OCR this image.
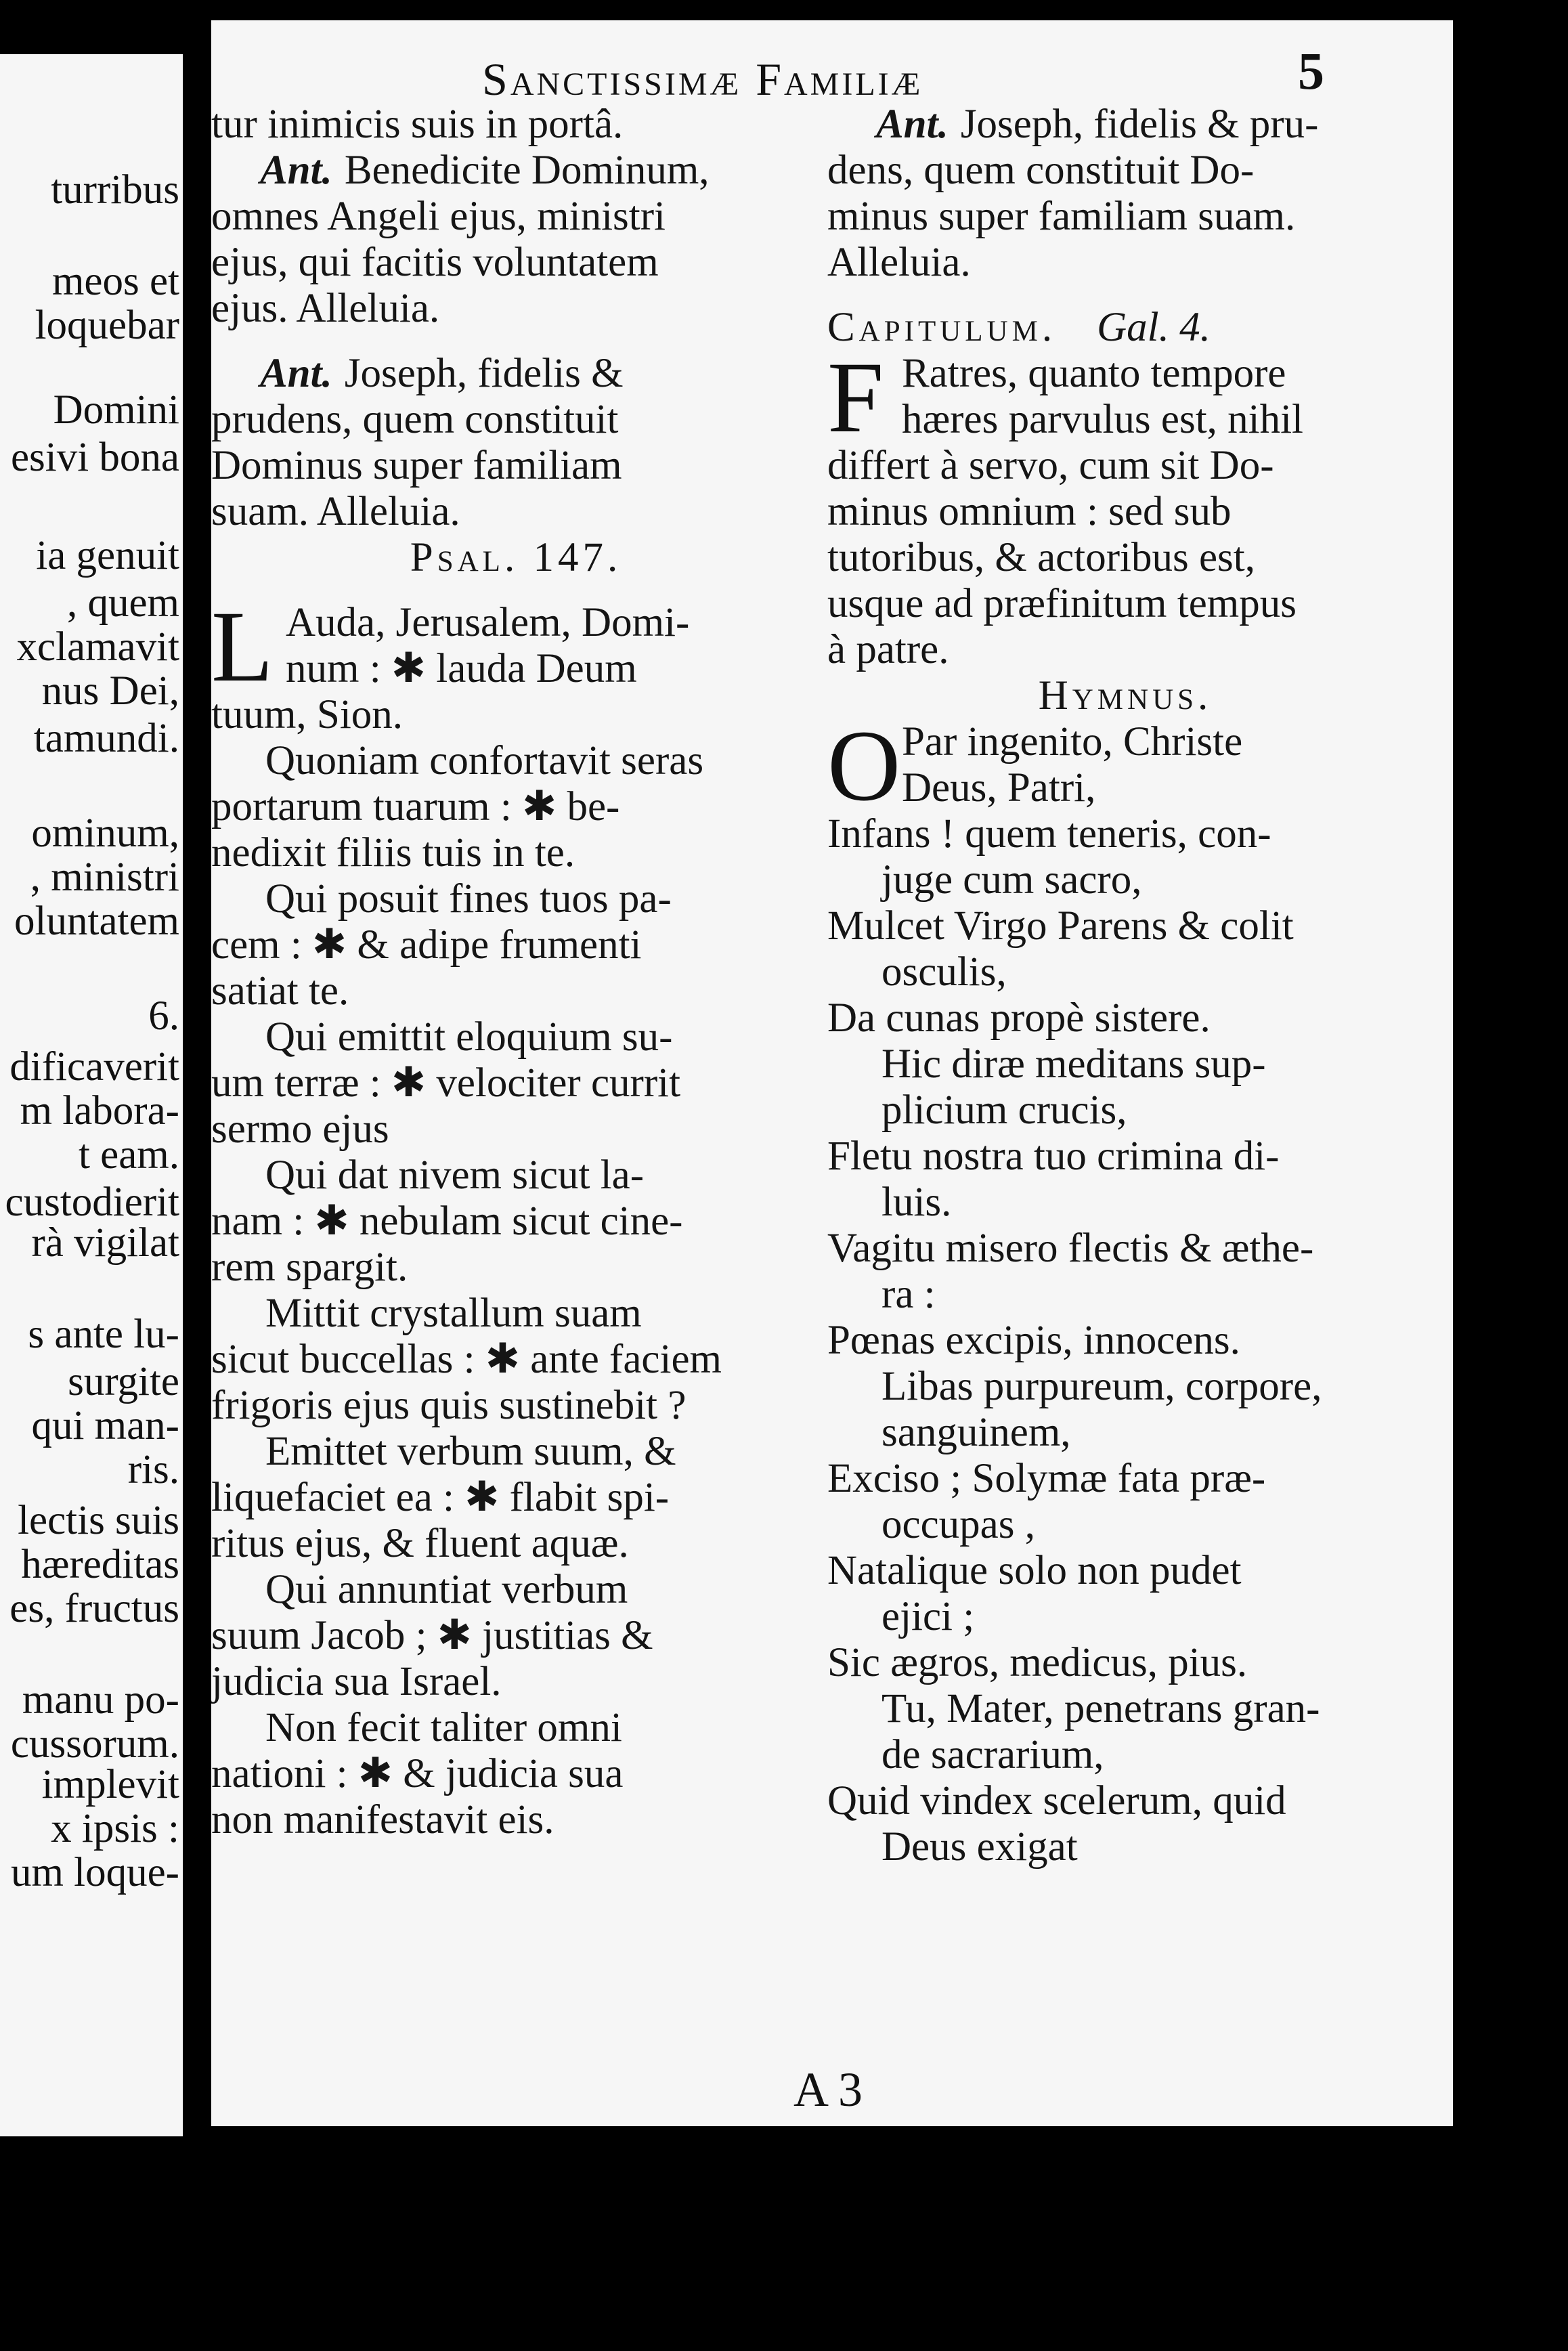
turribus
meos et
loquebar
Domini
esivi bona
ia genuit
, quem
xclamavit
nus Dei,
tamundi.
ominum,
, ministri
oluntatem
6.
dificaverit
m labora-
t eam.
custodierit
rà vigilat
s ante lu-
surgite
qui man-
ris.
lectis suis
hæreditas
es, fructus
manu po-
cussorum.
implevit
x ipsis :
um loque-
Sanctissimæ Familiæ	5
tur inimicis suis in portâ.
Ant. Benedicite Dominum,
omnes Angeli ejus, ministri
ejus, qui facitis voluntatem
ejus. Alleluia.
Ant. Joseph, fidelis &
prudens, quem constituit
Dominus super familiam
suam. Alleluia.
Psal. 147.
L Auda, Jerusalem, Domi-
num : ✱ lauda Deum
tuum, Sion.
Quoniam confortavit seras
portarum tuarum : ✱ be-
nedixit filiis tuis in te.
Qui posuit fines tuos pa-
cem : ✱ & adipe frumenti
satiat te.
Qui emittit eloquium su-
um terræ : ✱ velociter currit
sermo ejus
Qui dat nivem sicut la-
nam : ✱ nebulam sicut cine-
rem spargit.
Mittit crystallum suam
sicut buccellas : ✱ ante faciem
frigoris ejus quis sustinebit ?
Emittet verbum suum, &
liquefaciet ea : ✱ flabit spi-
ritus ejus, & fluent aquæ.
Qui annuntiat verbum
suum Jacob ; ✱ justitias &
judicia sua Israel.
Non fecit taliter omni
nationi : ✱ & judicia sua
non manifestavit eis.
Ant. Joseph, fidelis & pru-
dens, quem constituit Do-
minus super familiam suam.
Alleluia.
Capitulum. Gal. 4.
F Ratres, quanto tempore
hæres parvulus est, nihil
differt à servo, cum sit Do-
minus omnium : sed sub
tutoribus, & actoribus est,
usque ad præfinitum tempus
à patre.
Hymnus.
O Par ingenito, Christe
Deus, Patri,
Infans ! quem teneris, con-
juge cum sacro,
Mulcet Virgo Parens & colit
osculis,
Da cunas propè sistere.
Hic diræ meditans sup-
plicium crucis,
Fletu nostra tuo crimina di-
luis.
Vagitu misero flectis & æthe-
ra :
Pœnas excipis, innocens.
Libas purpureum, corpore,
sanguinem,
Exciso ; Solymæ fata præ-
occupas ,
Natalique solo non pudet
ejici ;
Sic ægros, medicus, pius.
Tu, Mater, penetrans gran-
de sacrarium,
Quid vindex scelerum, quid
Deus exigat
A 3
